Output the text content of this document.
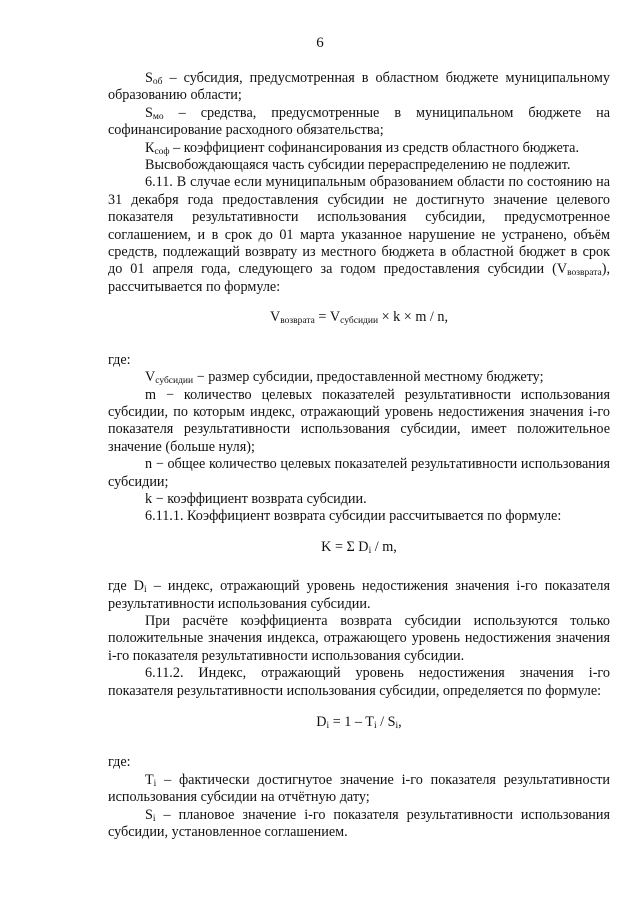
6

$S_{об}$ – субсидия, предусмотренная в областном бюджете муниципальному образованию области;

$S_{мо}$ – средства, предусмотренные в муниципальном бюджете на софинансирование расходного обязательства;

$К_{соф}$ – коэффициент софинансирования из средств областного бюджета.

Высвобождающаяся часть субсидии перераспределению не подлежит.

6.11. В случае если муниципальным образованием области по состоянию на 31 декабря года предоставления субсидии не достигнуто значение целевого показателя результативности использования субсидии, предусмотренное соглашением, и в срок до 01 марта указанное нарушение не устранено, объём средств, подлежащий возврату из местного бюджета в областной бюджет в срок до 01 апреля года, следующего за годом предоставления субсидии $(V_{возврата})$, рассчитывается по формуле:

$V_{возврата} = V_{субсидии} \times k \times m / n$,

где:

$V_{субсидии}$ − размер субсидии, предоставленной местному бюджету;

m − количество целевых показателей результативности использования субсидии, по которым индекс, отражающий уровень недостижения значения i-го показателя результативности использования субсидии, имеет положительное значение (больше нуля);

n − общее количество целевых показателей результативности использования субсидии;

k − коэффициент возврата субсидии.

6.11.1. Коэффициент возврата субсидии рассчитывается по формуле:

K = Σ $D_i$ / m,

где $D_i$ – индекс, отражающий уровень недостижения значения i-го показателя результативности использования субсидии.

При расчёте коэффициента возврата субсидии используются только положительные значения индекса, отражающего уровень недостижения значения i-го показателя результативности использования субсидии.

6.11.2. Индекс, отражающий уровень недостижения значения i-го показателя результативности использования субсидии, определяется по формуле:

$D_i = 1 - T_i / S_i$,

где:

$T_i$ – фактически достигнутое значение i-го показателя результативности использования субсидии на отчётную дату;

$S_i$ – плановое значение i-го показателя результативности использования субсидии, установленное соглашением.
